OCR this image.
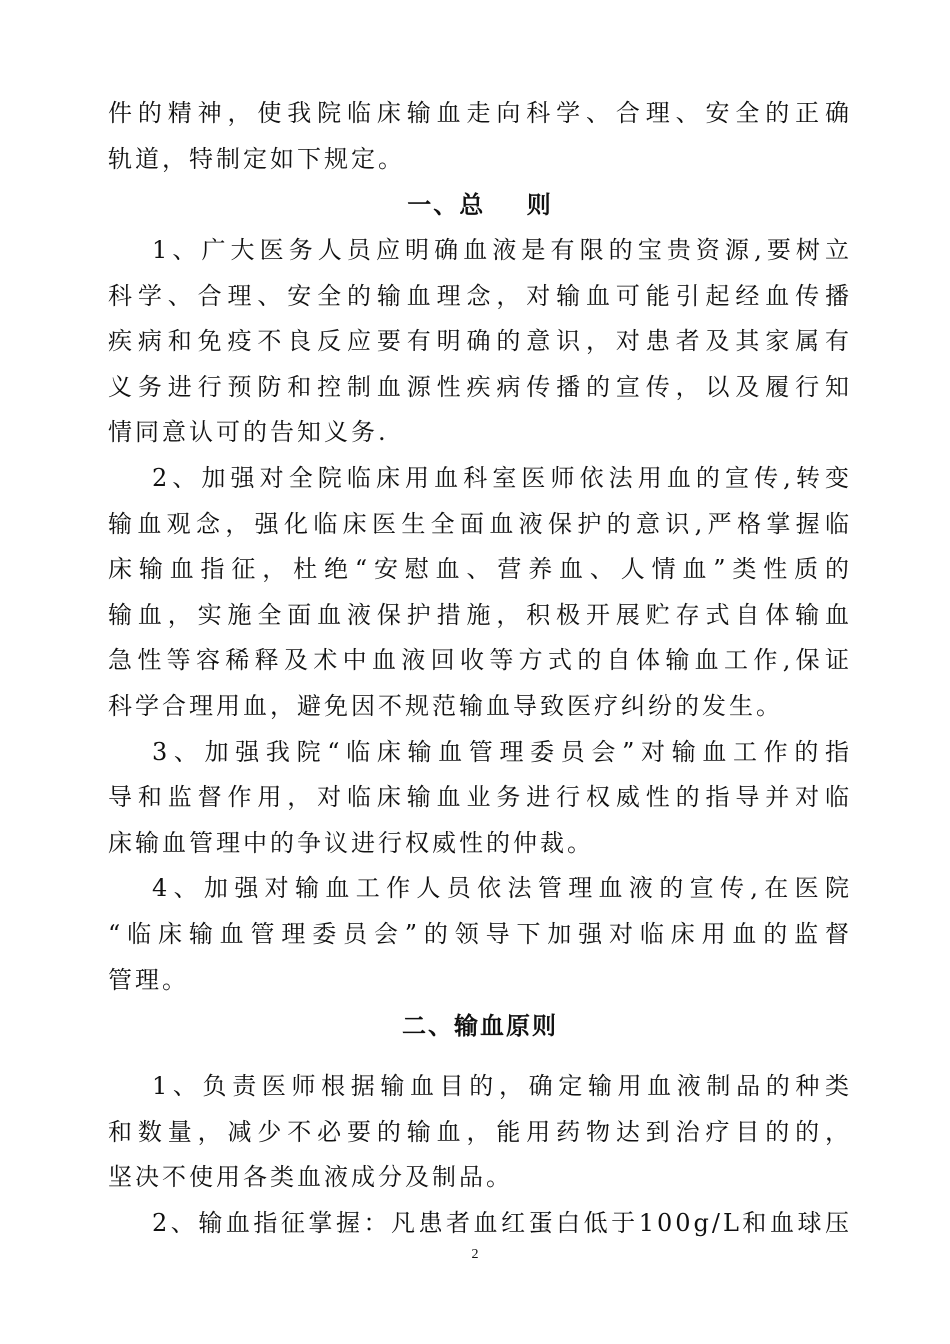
件的精神，使我院临床输血走向科学、合理、安全的正确
轨道，特制定如下规定。
一、总    则
1、广大医务人员应明确血液是有限的宝贵资源,要树立
科学、合理、安全的输血理念，对输血可能引起经血传播
疾病和免疫不良反应要有明确的意识，对患者及其家属有
义务进行预防和控制血源性疾病传播的宣传，以及履行知
情同意认可的告知义务.
2、加强对全院临床用血科室医师依法用血的宣传,转变
输血观念，强化临床医生全面血液保护的意识,严格掌握临
床输血指征，杜绝“安慰血、营养血、人情血”类性质的
输血，实施全面血液保护措施，积极开展贮存式自体输血
急性等容稀释及术中血液回收等方式的自体输血工作,保证
科学合理用血，避免因不规范输血导致医疗纠纷的发生。
3、加强我院“临床输血管理委员会”对输血工作的指
导和监督作用，对临床输血业务进行权威性的指导并对临
床输血管理中的争议进行权威性的仲裁。
4、加强对输血工作人员依法管理血液的宣传,在医院
“临床输血管理委员会”的领导下加强对临床用血的监督
管理。
二、输血原则
1、负责医师根据输血目的，确定输用血液制品的种类
和数量，减少不必要的输血，能用药物达到治疗目的的，
坚决不使用各类血液成分及制品。
2、输血指征掌握：凡患者血红蛋白低于100g/L和血球压
2
